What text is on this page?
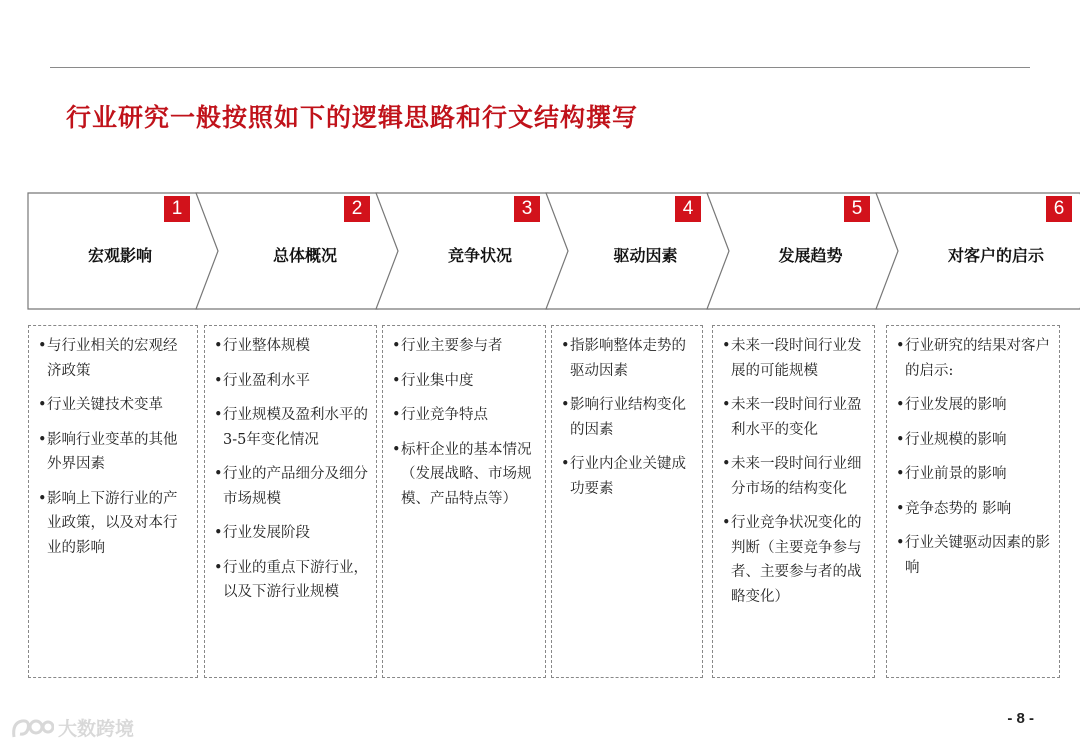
行业研究一般按照如下的逻辑思路和行文结构撰写
1
宏观影响
• 与行业相关的宏观经济政策
• 行业关键技术变革
• 影响行业变革的其他外界因素
• 影响上下游行业的产业政策，以及对本行业的影响
2
总体概况
• 行业整体规模
• 行业盈利水平
• 行业规模及盈利水平的3-5年变化情况
• 行业的产品细分及细分市场规模
• 行业发展阶段
• 行业的重点下游行业，以及下游行业规模
3
竞争状况
• 行业主要参与者
• 行业集中度
• 行业竞争特点
• 标杆企业的基本情况（发展战略、市场规模、产品特点等）
4
驱动因素
• 指影响整体走势的驱动因素
• 影响行业结构变化的因素
• 行业内企业关键成功要素
5
发展趋势
• 未来一段时间行业发展的可能规模
• 未来一段时间行业盈利水平的变化
• 未来一段时间行业细分市场的结构变化
• 行业竞争状况变化的判断（主要竞争参与者、主要参与者的战略变化）
6
对客户的启示
• 行业研究的结果对客户的启示:
• 行业发展的影响
• 行业规模的影响
• 行业前景的影响
• 竞争态势的 影响
• 行业关键驱动因素的影响
- 8 -
大数跨境
